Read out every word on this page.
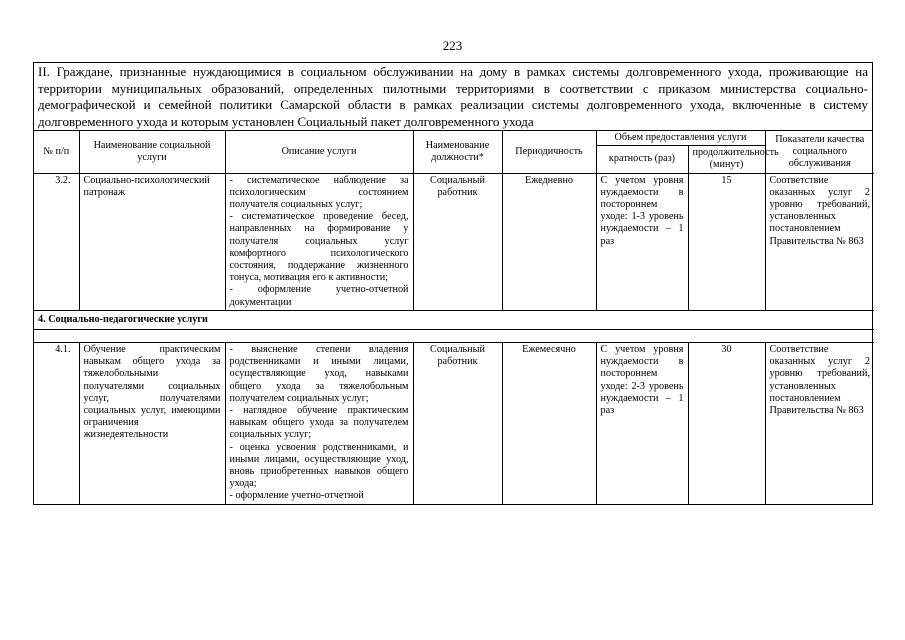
223
II. Граждане, признанные нуждающимися в социальном обслуживании на дому в рамках системы долговременного ухода, проживающие на территории муниципальных образований, определенных пилотными территориями в соответствии с приказом министерства социально-демографической и семейной политики Самарской области в рамках реализации системы долговременного ухода, включенные в систему долговременного ухода и которым установлен Социальный пакет долговременного ухода
№ п/п	Наименование социальной услуги	Описание услуги	Наименование должности*	Периодичность	Объем предоставления услуги		Показатели качества социального обслуживания
					кратность (раз)	продолжительность (минут)	
3.2.	Социально-психологический патронаж	- систематическое наблюдение за психологическим состоянием получателя социальных услуг;
- систематическое проведение бесед, направленных на формирование у получателя социальных услуг комфортного психологического состояния, поддержание жизненного тонуса, мотивация его к активности;
- оформление учетно-отчетной документации	Социальный работник	Ежедневно	С учетом уровня нуждаемости в постороннем уходе: 1-3 уровень нуждаемости – 1 раз	15	Соответствие оказанных услуг 2 уровню требований, установленных постановлением Правительства № 863
4. Социально-педагогические услуги							

4.1.	Обучение практическим навыкам общего ухода за тяжелобольными получателями социальных услуг, получателями социальных услуг, имеющими ограничения жизнедеятельности	- выяснение степени владения родственниками и иными лицами, осуществляющие уход, навыками общего ухода за тяжелобольным получателем социальных услуг;
- наглядное обучение практическим навыкам общего ухода за получателем социальных услуг;
- оценка усвоения родственниками, и иными лицами, осуществляющие уход, вновь приобретенных навыков общего ухода;
- оформление учетно-отчетной	Социальный работник	Ежемесячно	С учетом уровня нуждаемости в постороннем уходе: 2-3 уровень нуждаемости – 1 раз	30	Соответствие оказанных услуг 2 уровню требований, установленных постановлением Правительства № 863
